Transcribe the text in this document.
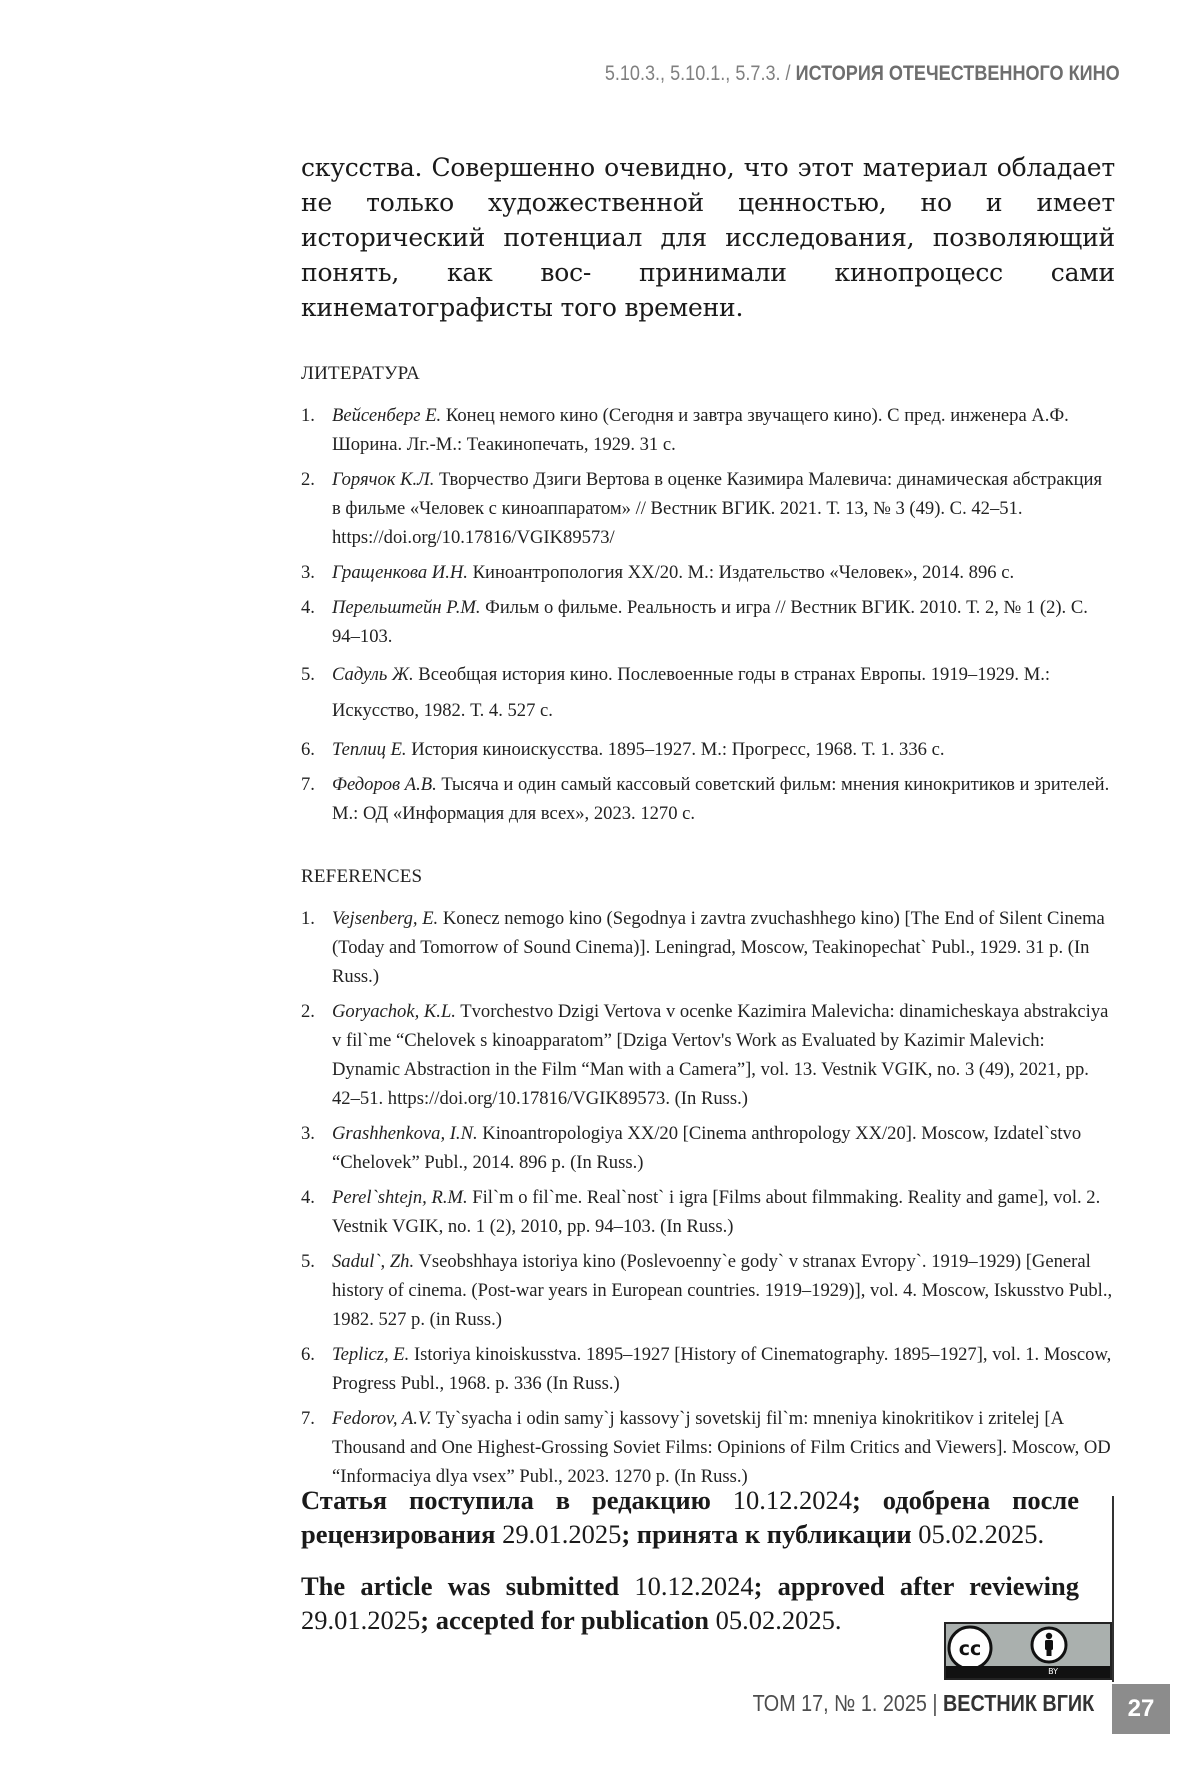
5.10.3., 5.10.1., 5.7.3. / ИСТОРИЯ ОТЕЧЕСТВЕННОГО КИНО

скусства. Совершенно очевидно, что этот материал обладает не только художественной ценностью, но и имеет исторический потенциал для исследования, позволяющий понять, как вос- принимали кинопроцесс сами кинематографисты того времени.

ЛИТЕРАТУРА
1. Вейсенберг Е. Конец немого кино (Сегодня и завтра звучащего кино). С пред. инженера А.Ф. Шорина. Лг.-М.: Теакинопечать, 1929. 31 с.
2. Горячок К.Л. Творчество Дзиги Вертова в оценке Казимира Малевича: динамическая абстракция в фильме «Человек с киноаппаратом» // Вестник ВГИК. 2021. Т. 13, № 3 (49). С. 42–51. https://doi.org/10.17816/VGIK89573/
3. Гращенкова И.Н. Киноантропология ХХ/20. М.: Издательство «Человек», 2014. 896 с.
4. Перельштейн Р.М. Фильм о фильме. Реальность и игра // Вестник ВГИК. 2010. Т. 2, № 1 (2). С. 94–103.
5. Садуль Ж. Всеобщая история кино. Послевоенные годы в странах Европы. 1919–1929. М.: Искусство, 1982. Т. 4. 527 с.
6. Теплиц Е. История киноискусства. 1895–1927. М.: Прогресс, 1968. Т. 1. 336 с.
7. Федоров А.В. Тысяча и один самый кассовый советский фильм: мнения кинокритиков и зрителей. М.: ОД «Информация для всех», 2023. 1270 с.
REFERENCES
1. Vejsenberg, E. Konecz nemogo kino (Segodnya i zavtra zvuchashhego kino) [The End of Silent Cinema (Today and Tomorrow of Sound Cinema)]. Leningrad, Moscow, Teakinopechat` Publ., 1929. 31 p. (In Russ.)
2. Goryachok, K.L. Tvorchestvo Dzigi Vertova v ocenke Kazimira Malevicha: dinamicheskaya abstrakciya v fil`me “Chelovek s kinoapparatom” [Dziga Vertov's Work as Evaluated by Kazimir Malevich: Dynamic Abstraction in the Film “Man with a Camera”], vol. 13. Vestnik VGIK, no. 3 (49), 2021, pp. 42–51. https://doi.org/10.17816/VGIK89573. (In Russ.)
3. Grashhenkova, I.N. Kinoantropologiya XX/20 [Cinema anthropology XX/20]. Moscow, Izdatel`stvo “Chelovek” Publ., 2014. 896 p. (In Russ.)
4. Perel`shtejn, R.M. Fil`m o fil`me. Real`nost` i igra [Films about filmmaking. Reality and game], vol. 2. Vestnik VGIK, no. 1 (2), 2010, pp. 94–103. (In Russ.)
5. Sadul`, Zh. Vseobshhaya istoriya kino (Poslevoenny`e gody` v stranax Evropy`. 1919–1929) [General history of cinema. (Post-war years in European countries. 1919–1929)], vol. 4. Moscow, Iskusstvo Publ., 1982. 527 p. (in Russ.)
6. Teplicz, E. Istoriya kinoiskusstva. 1895–1927 [History of Cinematography. 1895–1927], vol. 1. Moscow, Progress Publ., 1968. p. 336 (In Russ.)
7. Fedorov, A.V. Ty`syacha i odin samy`j kassovy`j sovetskij fil`m: mneniya kinokritikov i zritelej [A Thousand and One Highest-Grossing Soviet Films: Opinions of Film Critics and Viewers]. Moscow, OD “Informaciya dlya vsex” Publ., 2023. 1270 p. (In Russ.)

Статья поступила в редакцию 10.12.2024; одобрена после рецензирования 29.01.2025; принята к публикации 05.02.2025.

The article was submitted 10.12.2024; approved after reviewing 29.01.2025; accepted for publication 05.02.2025.

cc
BY
ТОМ 17, № 1. 2025 | ВЕСТНИК ВГИК	27
